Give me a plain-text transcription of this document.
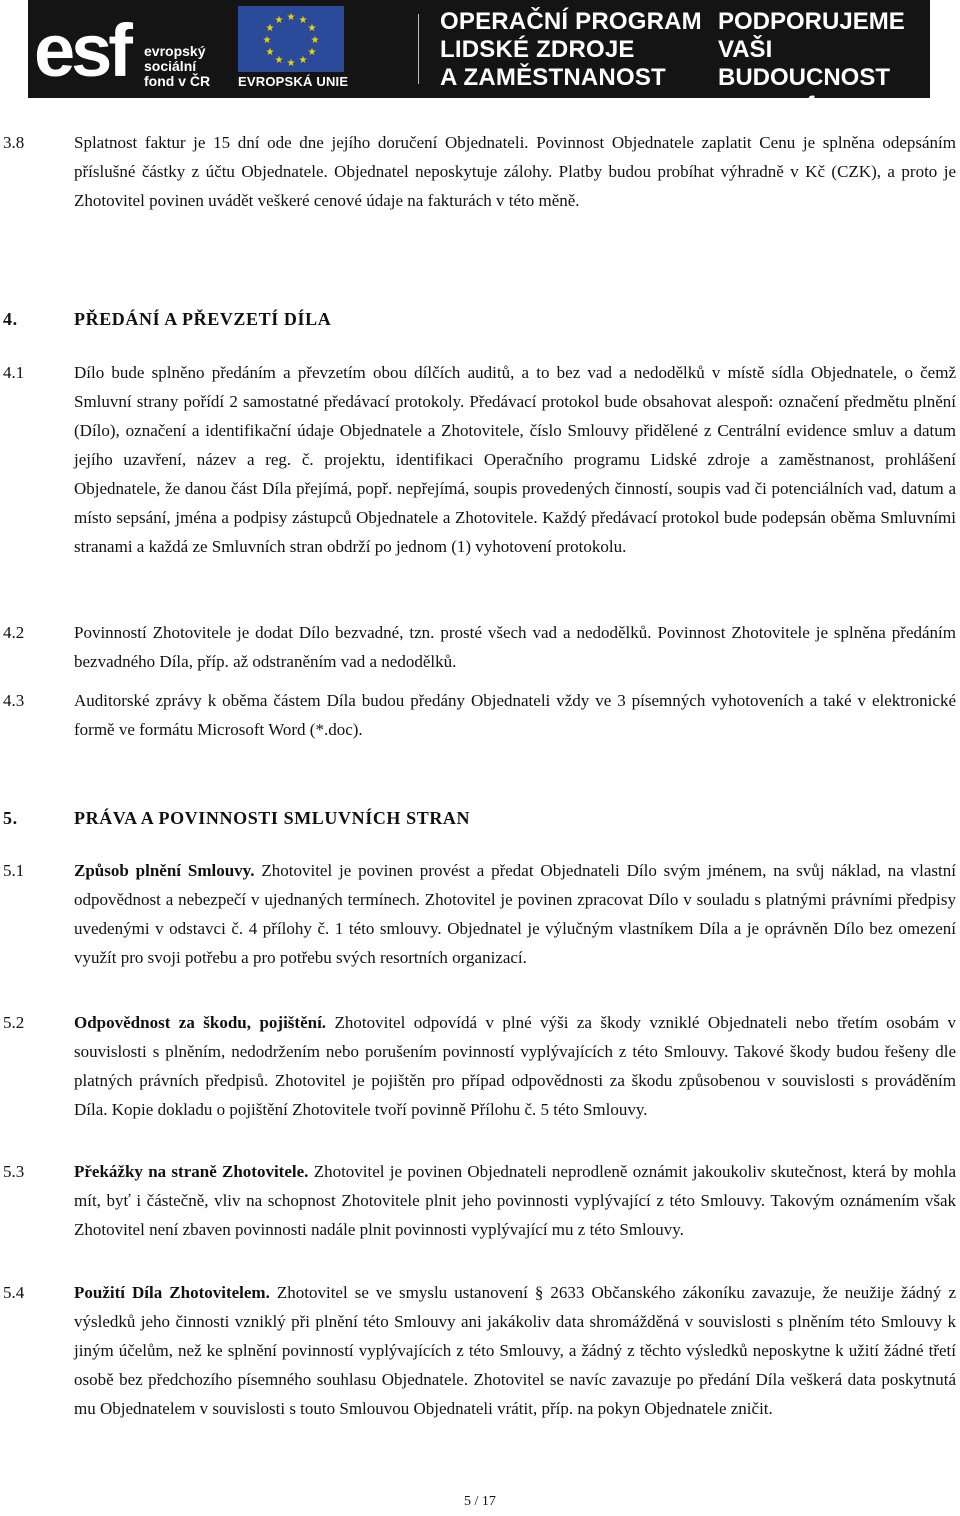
esf	evropský
sociální
fond v ČR
★ ★
★
★
★
★
★
★
★
★
★
★
EVROPSKÁ UNIE
OPERAČNÍ PROGRAM
LIDSKÉ ZDROJE
A ZAMĚSTNANOST
PODPORUJEME
VAŠI BUDOUCNOST
www.esfcr.cz
3.8	Splatnost faktur je 15 dní ode dne jejího doručení Objednateli. Povinnost Objednatele zaplatit Cenu je splněna odepsáním příslušné částky z účtu Objednatele. Objednatel neposkytuje zálohy. Platby budou probíhat výhradně v Kč (CZK), a proto je Zhotovitel povinen uvádět veškeré cenové údaje na fakturách v této měně.
4.	PŘEDÁNÍ A PŘEVZETÍ DÍLA
4.1	Dílo bude splněno předáním a převzetím obou dílčích auditů, a to bez vad a nedodělků v místě sídla Objednatele, o čemž Smluvní strany pořídí 2 samostatné předávací protokoly. Předávací protokol bude obsahovat alespoň: označení předmětu plnění (Dílo), označení a identifikační údaje Objednatele a Zhotovitele, číslo Smlouvy přidělené z Centrální evidence smluv a datum jejího uzavření, název a reg. č. projektu, identifikaci Operačního programu Lidské zdroje a zaměstnanost, prohlášení Objednatele, že danou část Díla přejímá, popř. nepřejímá, soupis provedených činností, soupis vad či potenciálních vad, datum a místo sepsání, jména a podpisy zástupců Objednatele a Zhotovitele. Každý předávací protokol bude podepsán oběma Smluvními stranami a každá ze Smluvních stran obdrží po jednom (1) vyhotovení protokolu.
4.2	Povinností Zhotovitele je dodat Dílo bezvadné, tzn. prosté všech vad a nedodělků. Povinnost Zhotovitele je splněna předáním bezvadného Díla, příp. až odstraněním vad a nedodělků.
4.3	Auditorské zprávy k oběma částem Díla budou předány Objednateli vždy ve 3 písemných vyhotoveních a také v elektronické formě ve formátu Microsoft Word (*.doc).
5.	PRÁVA A POVINNOSTI SMLUVNÍCH STRAN
5.1	Způsob plnění Smlouvy. Zhotovitel je povinen provést a předat Objednateli Dílo svým jménem, na svůj náklad, na vlastní odpovědnost a nebezpečí v ujednaných termínech. Zhotovitel je povinen zpracovat Dílo v souladu s platnými právními předpisy uvedenými v odstavci č. 4 přílohy č. 1 této smlouvy. Objednatel je výlučným vlastníkem Díla a je oprávněn Dílo bez omezení využít pro svoji potřebu a pro potřebu svých resortních organizací.
5.2	Odpovědnost za škodu, pojištění. Zhotovitel odpovídá v plné výši za škody vzniklé Objednateli nebo třetím osobám v souvislosti s plněním, nedodržením nebo porušením povinností vyplývajících z této Smlouvy. Takové škody budou řešeny dle platných právních předpisů. Zhotovitel je pojištěn pro případ odpovědnosti za škodu způsobenou v souvislosti s prováděním Díla. Kopie dokladu o pojištění Zhotovitele tvoří povinně Přílohu č. 5 této Smlouvy.
5.3	Překážky na straně Zhotovitele. Zhotovitel je povinen Objednateli neprodleně oznámit jakoukoliv skutečnost, která by mohla mít, byť i částečně, vliv na schopnost Zhotovitele plnit jeho povinnosti vyplývající z této Smlouvy. Takovým oznámením však Zhotovitel není zbaven povinnosti nadále plnit povinnosti vyplývající mu z této Smlouvy.
5.4	Použití Díla Zhotovitelem. Zhotovitel se ve smyslu ustanovení § 2633 Občanského zákoníku zavazuje, že neužije žádný z výsledků jeho činnosti vzniklý při plnění této Smlouvy ani jakákoliv data shromážděná v souvislosti s plněním této Smlouvy k jiným účelům, než ke splnění povinností vyplývajících z této Smlouvy, a žádný z těchto výsledků neposkytne k užití žádné třetí osobě bez předchozího písemného souhlasu Objednatele. Zhotovitel se navíc zavazuje po předání Díla veškerá data poskytnutá mu Objednatelem v souvislosti s touto Smlouvou Objednateli vrátit, příp. na pokyn Objednatele zničit.
5 / 17
